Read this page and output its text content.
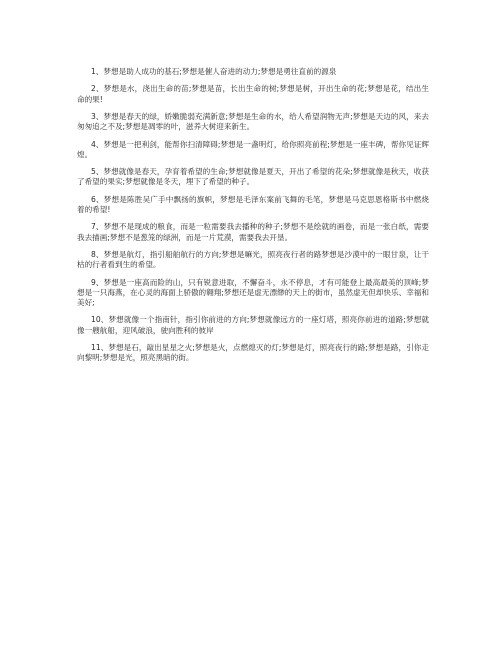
1、梦想是助人成功的基石;梦想是催人奋进的动力;梦想是勇往直前的源泉

2、梦想是水，浇出生命的苗;梦想是苗，长出生命的树;梦想是树，开出生命的花;梦想是花，结出生命的果!

3、梦想是春天的绿，娇嫩脆弱充满新意;梦想是生命的水，给人希望润物无声;梦想是天边的风，来去匆匆追之不及;梦想是凋零的叶，滋养大树迎来新生。

4、梦想是一把利剑，能帮你扫清障碍;梦想是一盏明灯，给你照亮前程;梦想是一座丰碑，帮你见证辉煌。

5、梦想就像是春天，孕育着希望的生命;梦想就像是夏天，开出了希望的花朵;梦想就像是秋天，收获了希望的果实;梦想就像是冬天，埋下了希望的种子。

6、梦想是陈胜吴广手中飘扬的旗帜，梦想是毛泽东案前飞舞的毛笔，梦想是马克思恩格斯书中燃烧着的希望!

7、梦想不是现成的粮食，而是一粒需要我去播种的种子;梦想不是绘就的画卷，而是一张白纸，需要我去描画;梦想不是葱笼的绿洲，而是一片荒漠，需要我去开垦。

8、梦想是航灯，指引船舶航行的方向;梦想是嘛光，照亮夜行者的路梦想是沙漠中的一眼甘泉，让干枯的行者看到生的希望。

9、梦想是一座高而险的山，只有锐意进取，不懈奋斗，永不停息，才有可能登上最高最美的顶峰;梦想是一只海燕，在心灵的海面上骄傲的翱翔;梦想还是虚无漂缈的天上的街市，虽然虚无但却快乐、幸福和美好;

10、梦想就像一个指南针，指引你前进的方向;梦想就像远方的一座灯塔，照亮你前进的道路;梦想就像一艘航船，迎风破浪，驶向胜利的彼岸

11、梦想是石，敲出星星之火;梦想是火，点燃熄灭的灯;梦想是灯，照亮夜行的路;梦想是路，引你走向黎明;梦想是光，照亮黑暗的街。
